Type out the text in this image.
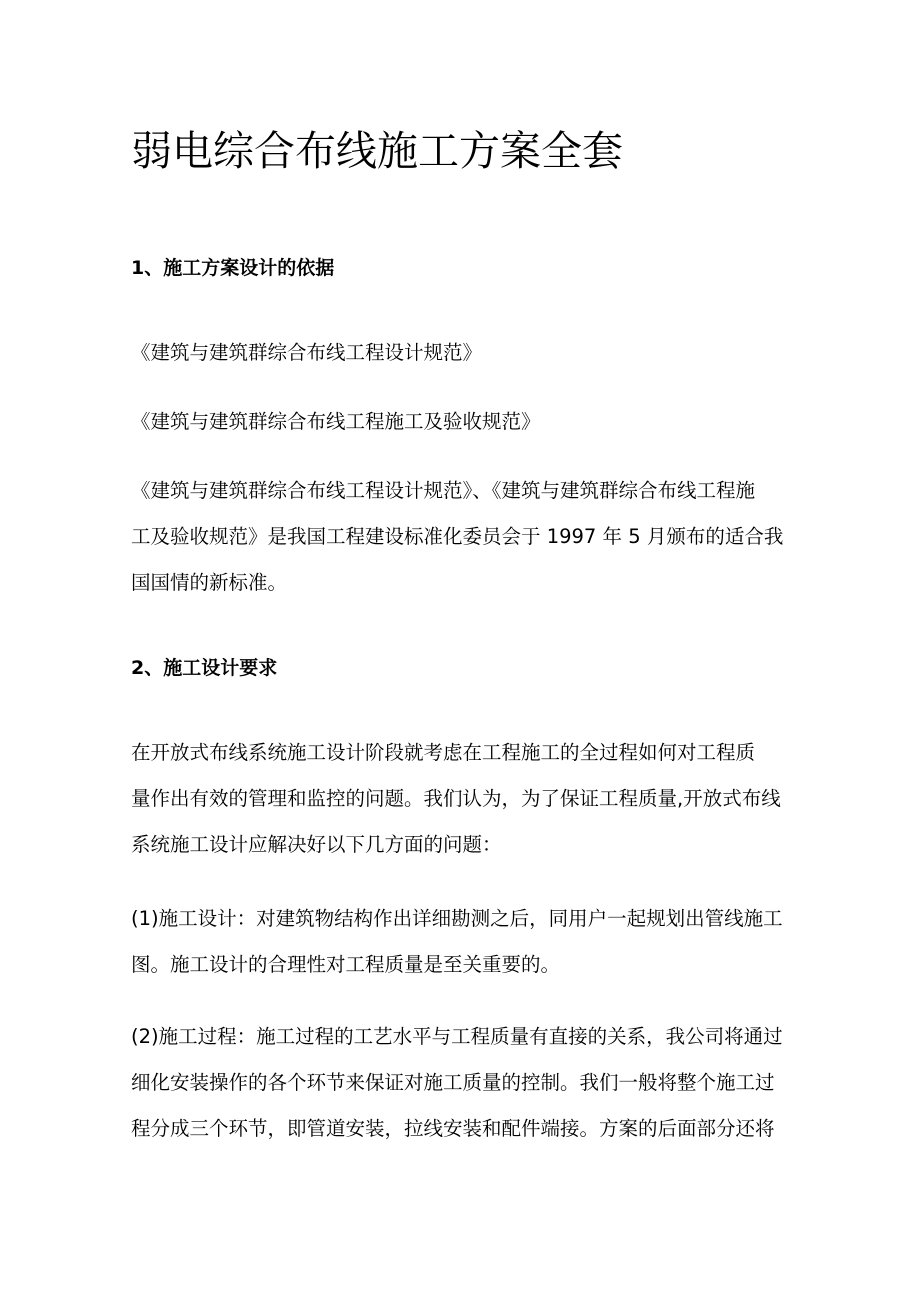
弱电综合布线施工方案全套
1、施工方案设计的依据

《建筑与建筑群综合布线工程设计规范》

《建筑与建筑群综合布线工程施工及验收规范》

《建筑与建筑群综合布线工程设计规范》、《建筑与建筑群综合布线工程施

工及验收规范》是我国工程建设标准化委员会于 1997 年 5 月颁布的适合我

国国情的新标准。

2、施工设计要求

在开放式布线系统施工设计阶段就考虑在工程施工的全过程如何对工程质

量作出有效的管理和监控的问题。我们认为，为了保证工程质量,开放式布线

系统施工设计应解决好以下几方面的问题：

(1)施工设计：对建筑物结构作出详细勘测之后，同用户一起规划出管线施工

图。施工设计的合理性对工程质量是至关重要的。

(2)施工过程：施工过程的工艺水平与工程质量有直接的关系，我公司将通过

细化安装操作的各个环节来保证对施工质量的控制。我们一般将整个施工过

程分成三个环节，即管道安装，拉线安装和配件端接。方案的后面部分还将
